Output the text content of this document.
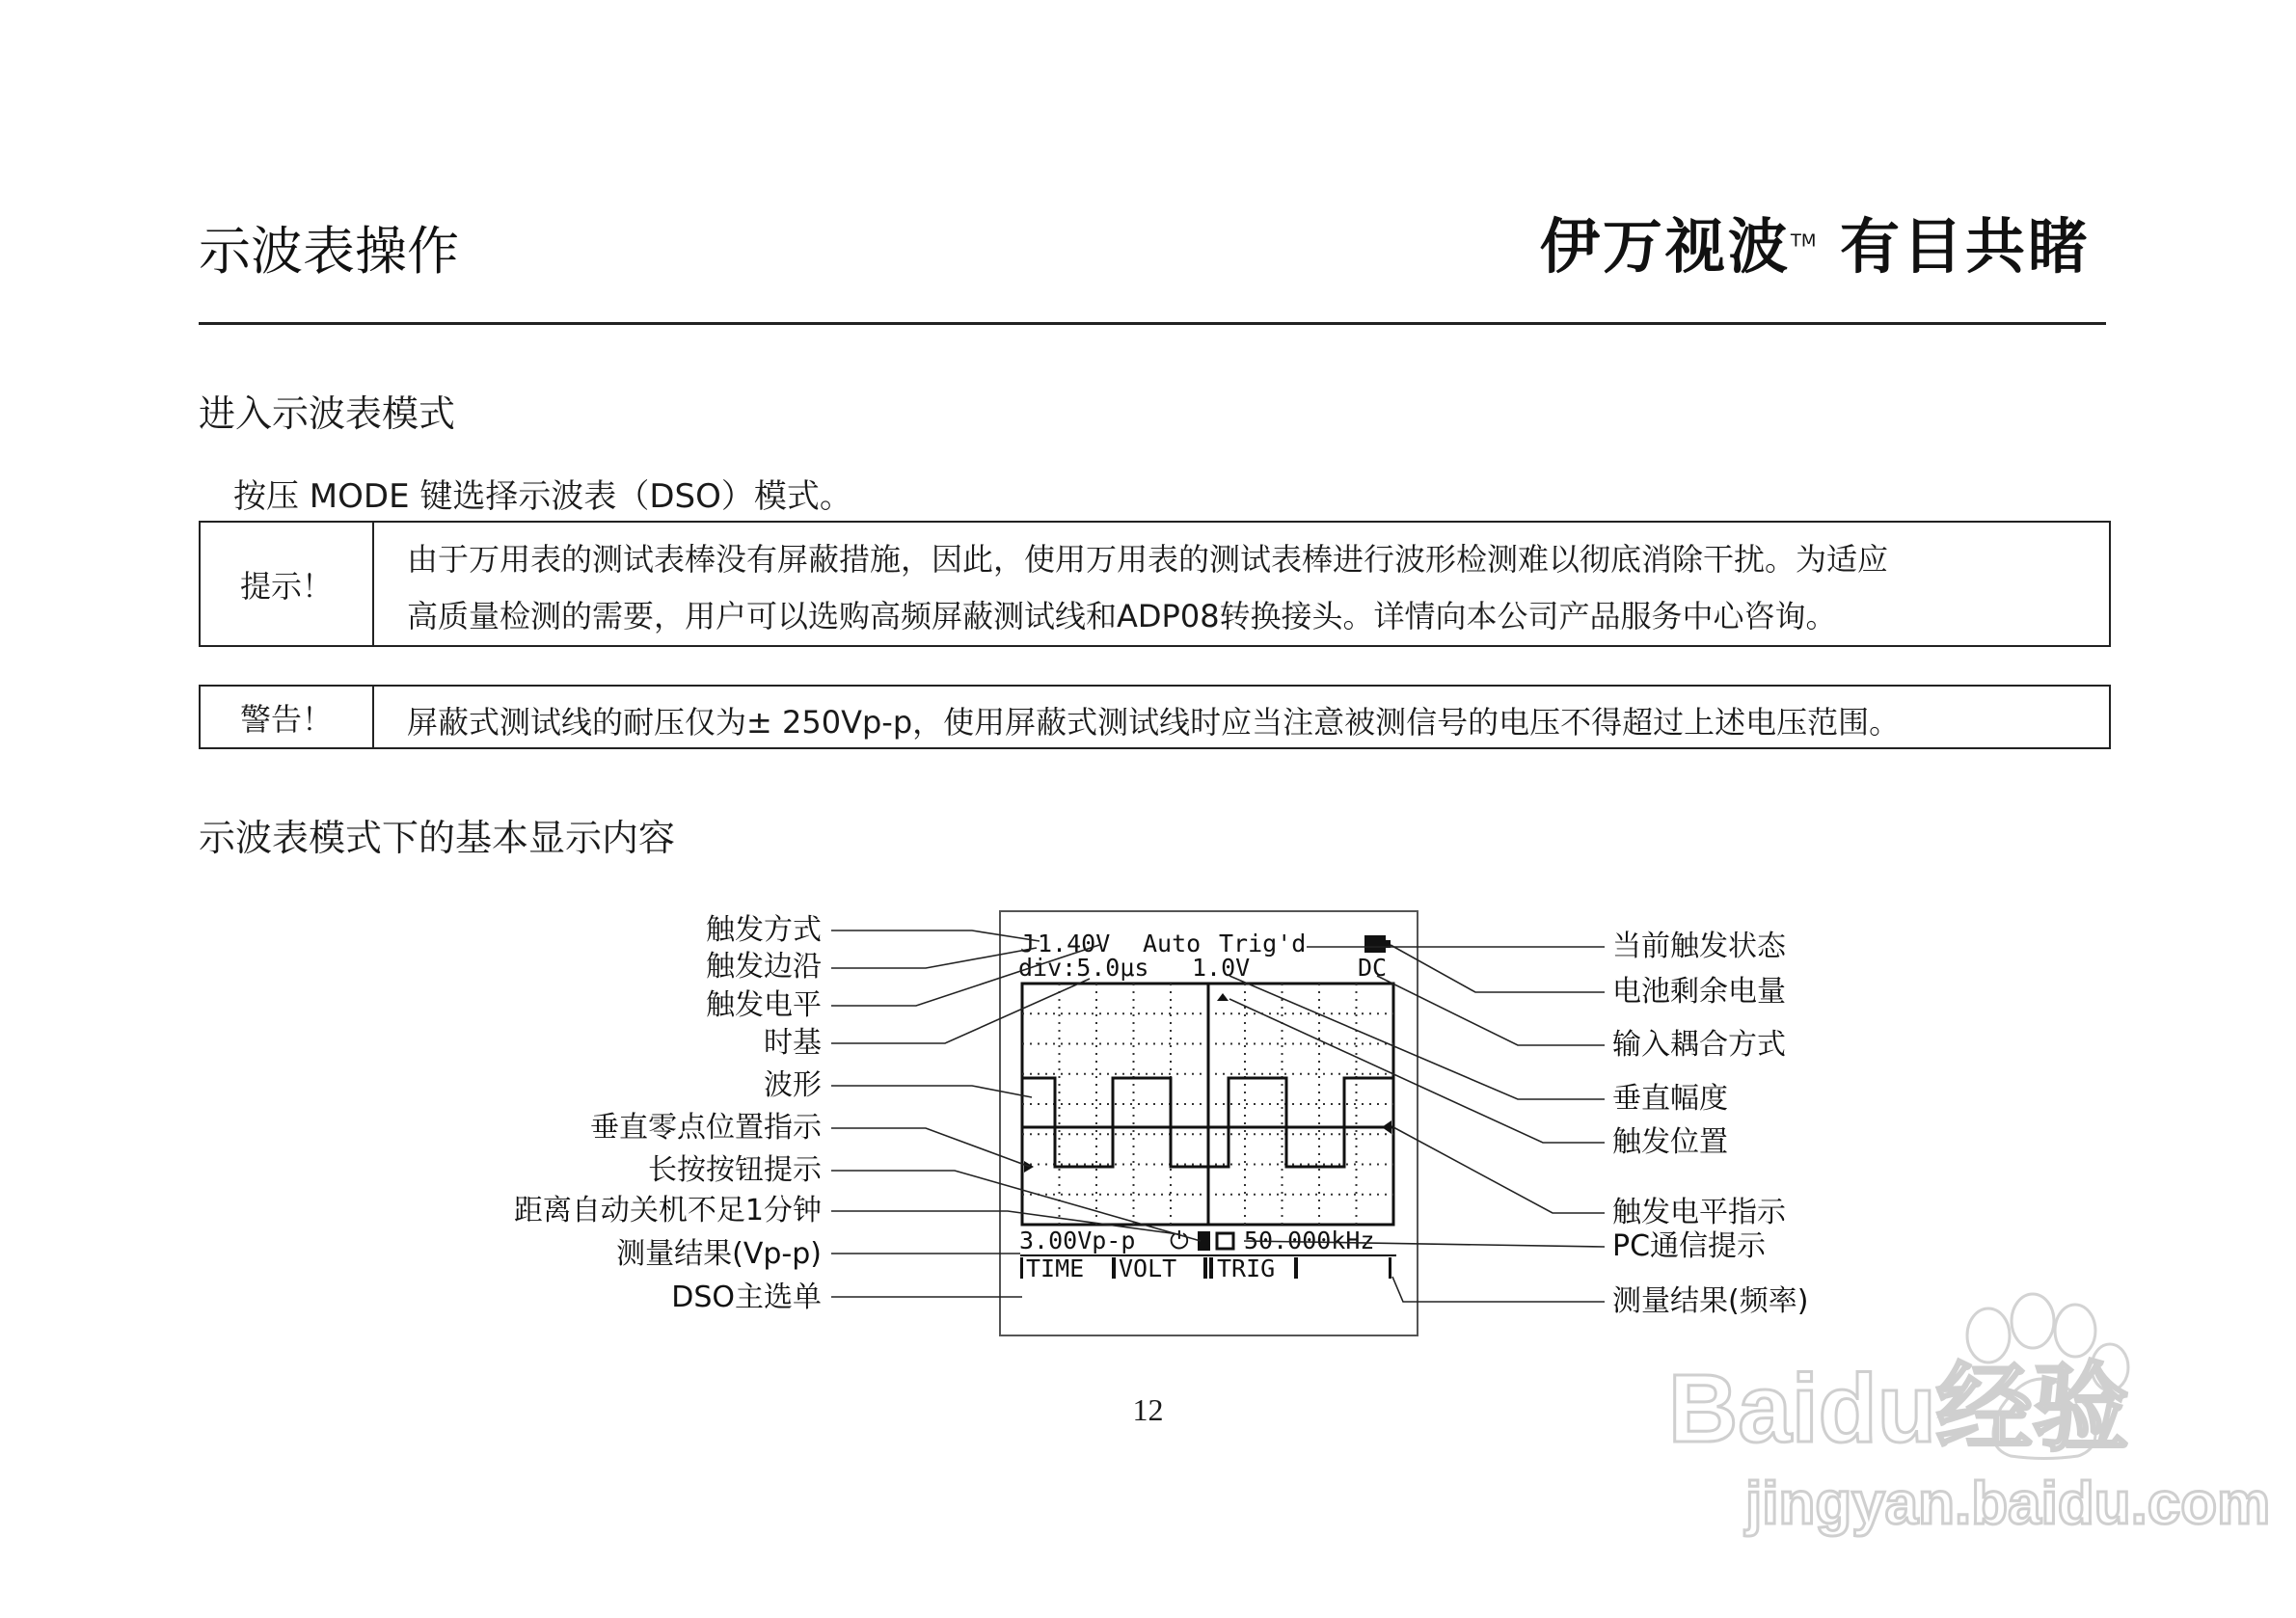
示波表操作	伊万视波™ 有目共睹
进入示波表模式
按压 MODE 键选择示波表（DSO）模式。
提示！
由于万用表的测试表棒没有屏蔽措施，因此，使用万用表的测试表棒进行波形检测难以彻底消除干扰。为适应
高质量检测的需要，用户可以选购高频屏蔽测试线和ADP08转换接头。详情向本公司产品服务中心咨询。
警告！	屏蔽式测试线的耐压仅为± 250Vp-p，使用屏蔽式测试线时应当注意被测信号的电压不得超过上述电压范围。
示波表模式下的基本显示内容
触发方式
触发边沿
触发电平
时基
波形
垂直零点位置指示
长按按钮提示
距离自动关机不足1分钟
测量结果(Vp-p)
DSO主选单
当前触发状态
电池剩余电量
输入耦合方式
垂直幅度
触发位置
触发电平指示
PC通信提示
测量结果(频率)
Ϳ 1.40V Auto Trig'd
div:5.0μs 1.0V	DC
3.00Vp-p ⏻ 50.000kHz
TIME VOLT TRIG
12	Baidu经验
jingyan.baidu.com
